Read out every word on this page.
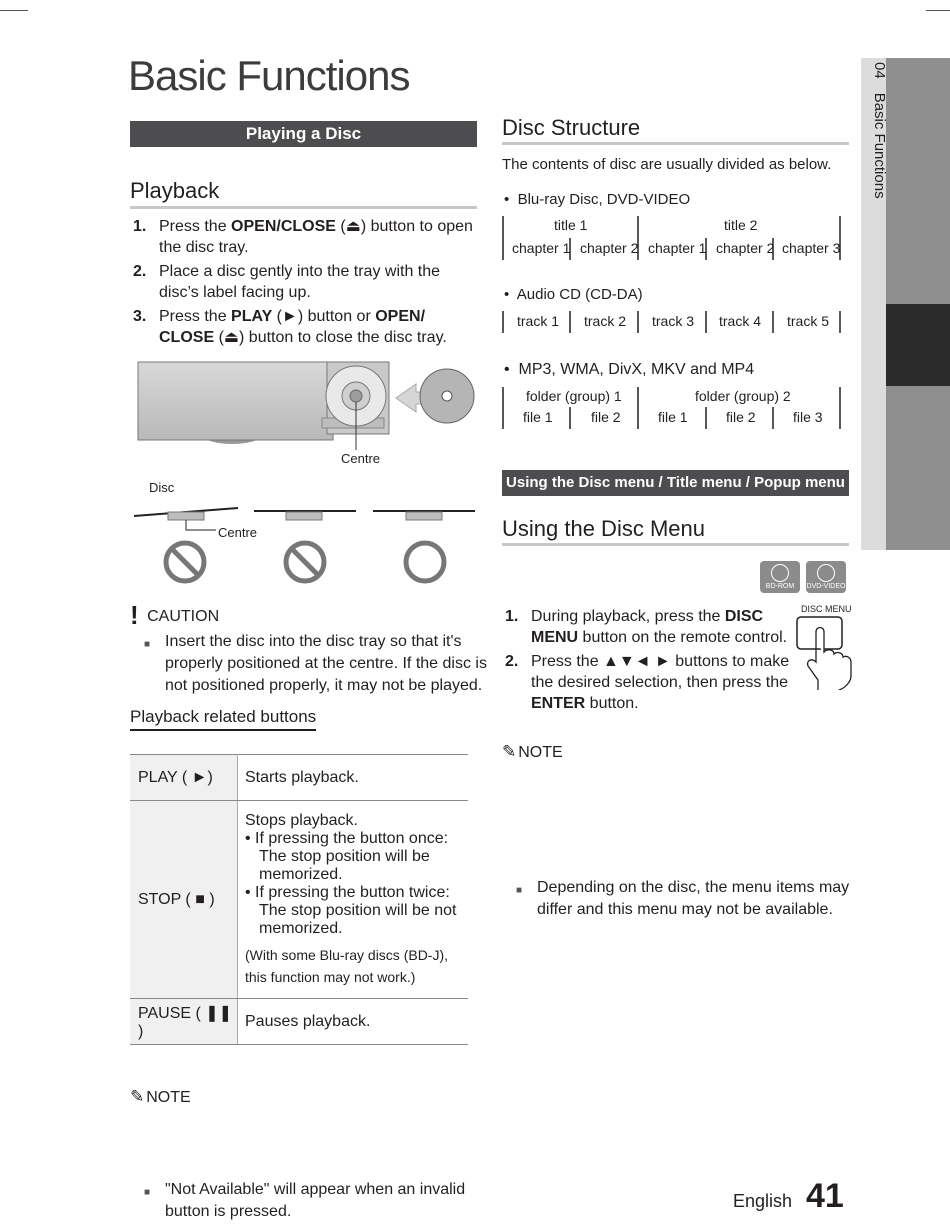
04Basic Functions
Basic Functions
Playing a Disc
Playback
1. Press the OPEN/CLOSE (⏏) button to open the disc tray.
2. Place a disc gently into the tray with the disc’s label facing up.
3. Press the PLAY (►) button or OPEN/ CLOSE (⏏) button to close the disc tray.
Centre
Disc
Centre
! CAUTION
■ Insert the disc into the disc tray so that it's properly positioned at the centre. If the disc is not positioned properly, it may not be played.
Playback related buttons
PLAY ( ►)	Starts playback.
STOP ( ■ )	Stops playback.
• If pressing the button once: The stop position will be memorized.
• If pressing the button twice: The stop position will be not memorized.
(With some Blu-ray discs (BD-J), this function may not work.)

PAUSE ( ❚❚ )	Pauses playback.
✎ NOTE
■ "Not Available" will appear when an invalid button is pressed.
Disc Structure
The contents of disc are usually divided as below.
•  Blu-ray Disc, DVD-VIDEO
title 1	title 2
chapter 1 chapter 2 chapter 1 chapter 2 chapter 3
•  Audio CD (CD-DA)
track 1 track 2 track 3 track 4 track 5
•  MP3, WMA, DivX, MKV and MP4
folder (group) 1	folder (group) 2
file 1	file 2	file 1	file 2	file 3
Using the Disc menu / Title menu / Popup menu
Using the Disc Menu
BD-ROM	DVD-VIDEO
DISC MENU
1. During playback, press the DISC MENU button on the remote control.
2. Press the ▲▼◄ ► buttons to make the desired selection, then press the ENTER button.
✎ NOTE
■ Depending on the disc, the menu items may differ and this menu may not be available.
English 41
